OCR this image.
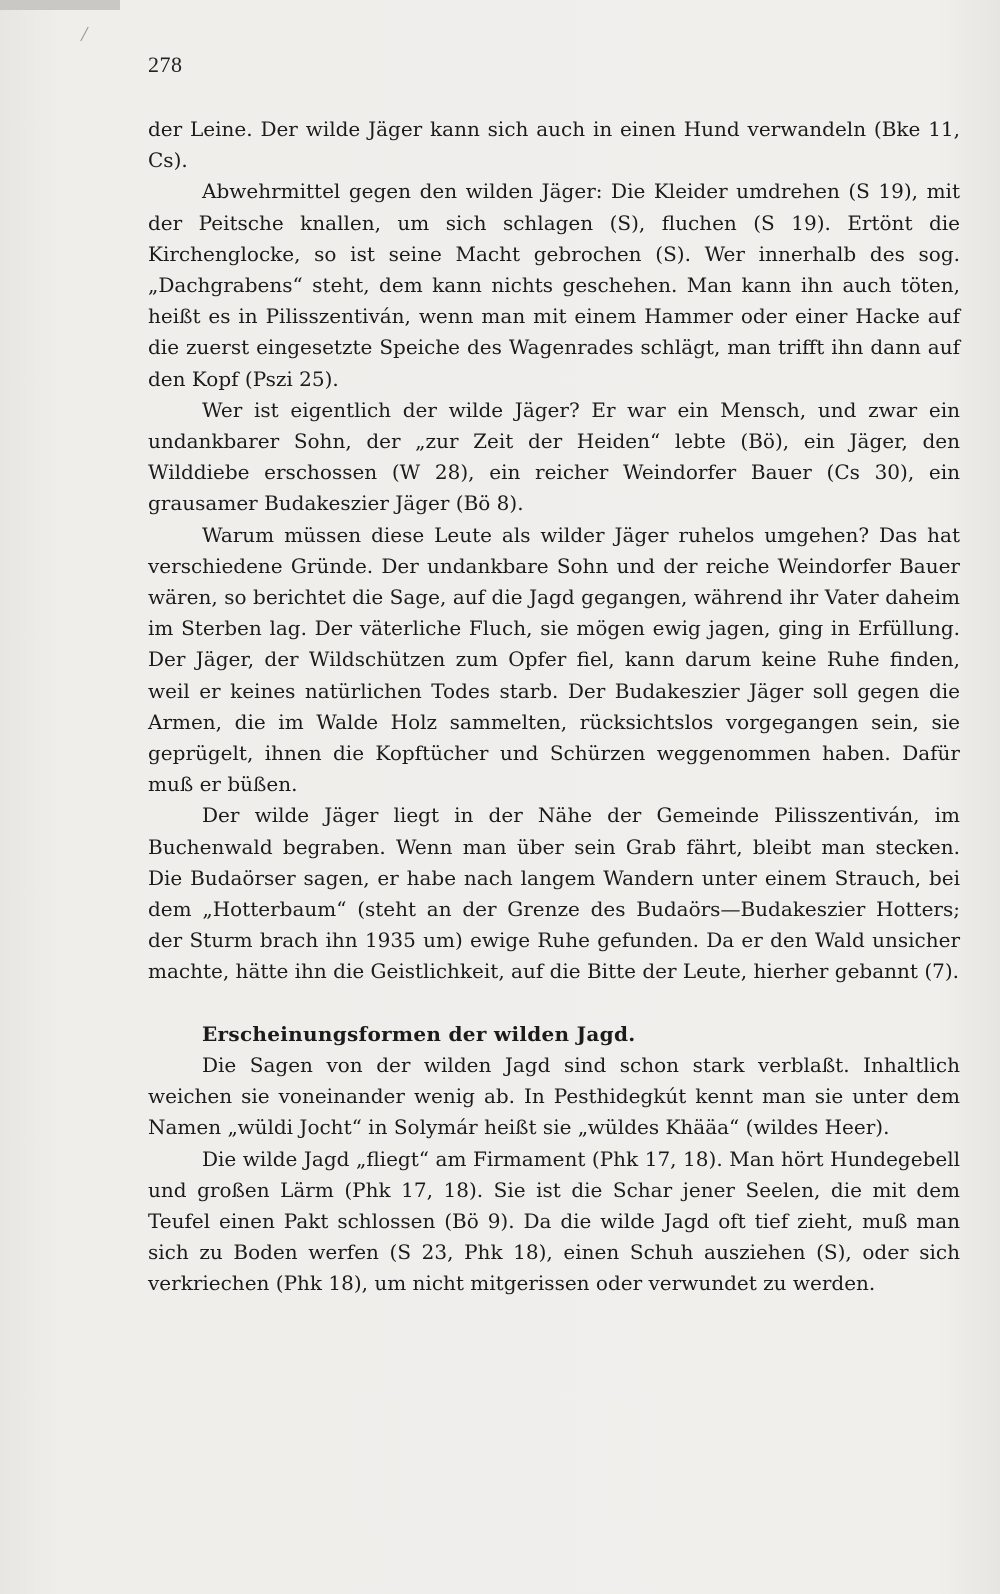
278

der Leine. Der wilde Jäger kann sich auch in einen Hund verwandeln (Bke 11, Cs).

Abwehrmittel gegen den wilden Jäger: Die Kleider umdrehen (S 19), mit der Peitsche knallen, um sich schlagen (S), fluchen (S 19). Ertönt die Kirchenglocke, so ist seine Macht gebrochen (S). Wer innerhalb des sog. „Dachgrabens“ steht, dem kann nichts geschehen. Man kann ihn auch töten, heißt es in Pilisszentiván, wenn man mit einem Hammer oder einer Hacke auf die zuerst eingesetzte Speiche des Wagenrades schlägt, man trifft ihn dann auf den Kopf (Pszi 25).

Wer ist eigentlich der wilde Jäger? Er war ein Mensch, und zwar ein undankbarer Sohn, der „zur Zeit der Heiden“ lebte (Bö), ein Jäger, den Wilddiebe erschossen (W 28), ein reicher Weindorfer Bauer (Cs 30), ein grausamer Budakeszier Jäger (Bö 8).

Warum müssen diese Leute als wilder Jäger ruhelos umgehen? Das hat verschiedene Gründe. Der undankbare Sohn und der reiche Weindorfer Bauer wären, so berichtet die Sage, auf die Jagd gegangen, während ihr Vater daheim im Sterben lag. Der väterliche Fluch, sie mögen ewig jagen, ging in Erfüllung. Der Jäger, der Wildschützen zum Opfer fiel, kann darum keine Ruhe finden, weil er keines natürlichen Todes starb. Der Budakeszier Jäger soll gegen die Armen, die im Walde Holz sammelten, rücksichtslos vorgegangen sein, sie geprügelt, ihnen die Kopftücher und Schürzen weggenommen haben. Dafür muß er büßen.

Der wilde Jäger liegt in der Nähe der Gemeinde Pilisszentiván, im Buchenwald begraben. Wenn man über sein Grab fährt, bleibt man stecken. Die Budaörser sagen, er habe nach langem Wandern unter einem Strauch, bei dem „Hotterbaum“ (steht an der Grenze des Budaörs—Budakeszier Hotters; der Sturm brach ihn 1935 um) ewige Ruhe gefunden. Da er den Wald unsicher machte, hätte ihn die Geistlichkeit, auf die Bitte der Leute, hierher gebannt (7).

Erscheinungsformen der wilden Jagd.

Die Sagen von der wilden Jagd sind schon stark verblaßt. Inhaltlich weichen sie voneinander wenig ab. In Pesthidegkút kennt man sie unter dem Namen „wüldi Jocht“ in Solymár heißt sie „wüldes Khääa“ (wildes Heer).

Die wilde Jagd „fliegt“ am Firmament (Phk 17, 18). Man hört Hundegebell und großen Lärm (Phk 17, 18). Sie ist die Schar jener Seelen, die mit dem Teufel einen Pakt schlossen (Bö 9). Da die wilde Jagd oft tief zieht, muß man sich zu Boden werfen (S 23, Phk 18), einen Schuh ausziehen (S), oder sich verkriechen (Phk 18), um nicht mitgerissen oder verwundet zu werden.
